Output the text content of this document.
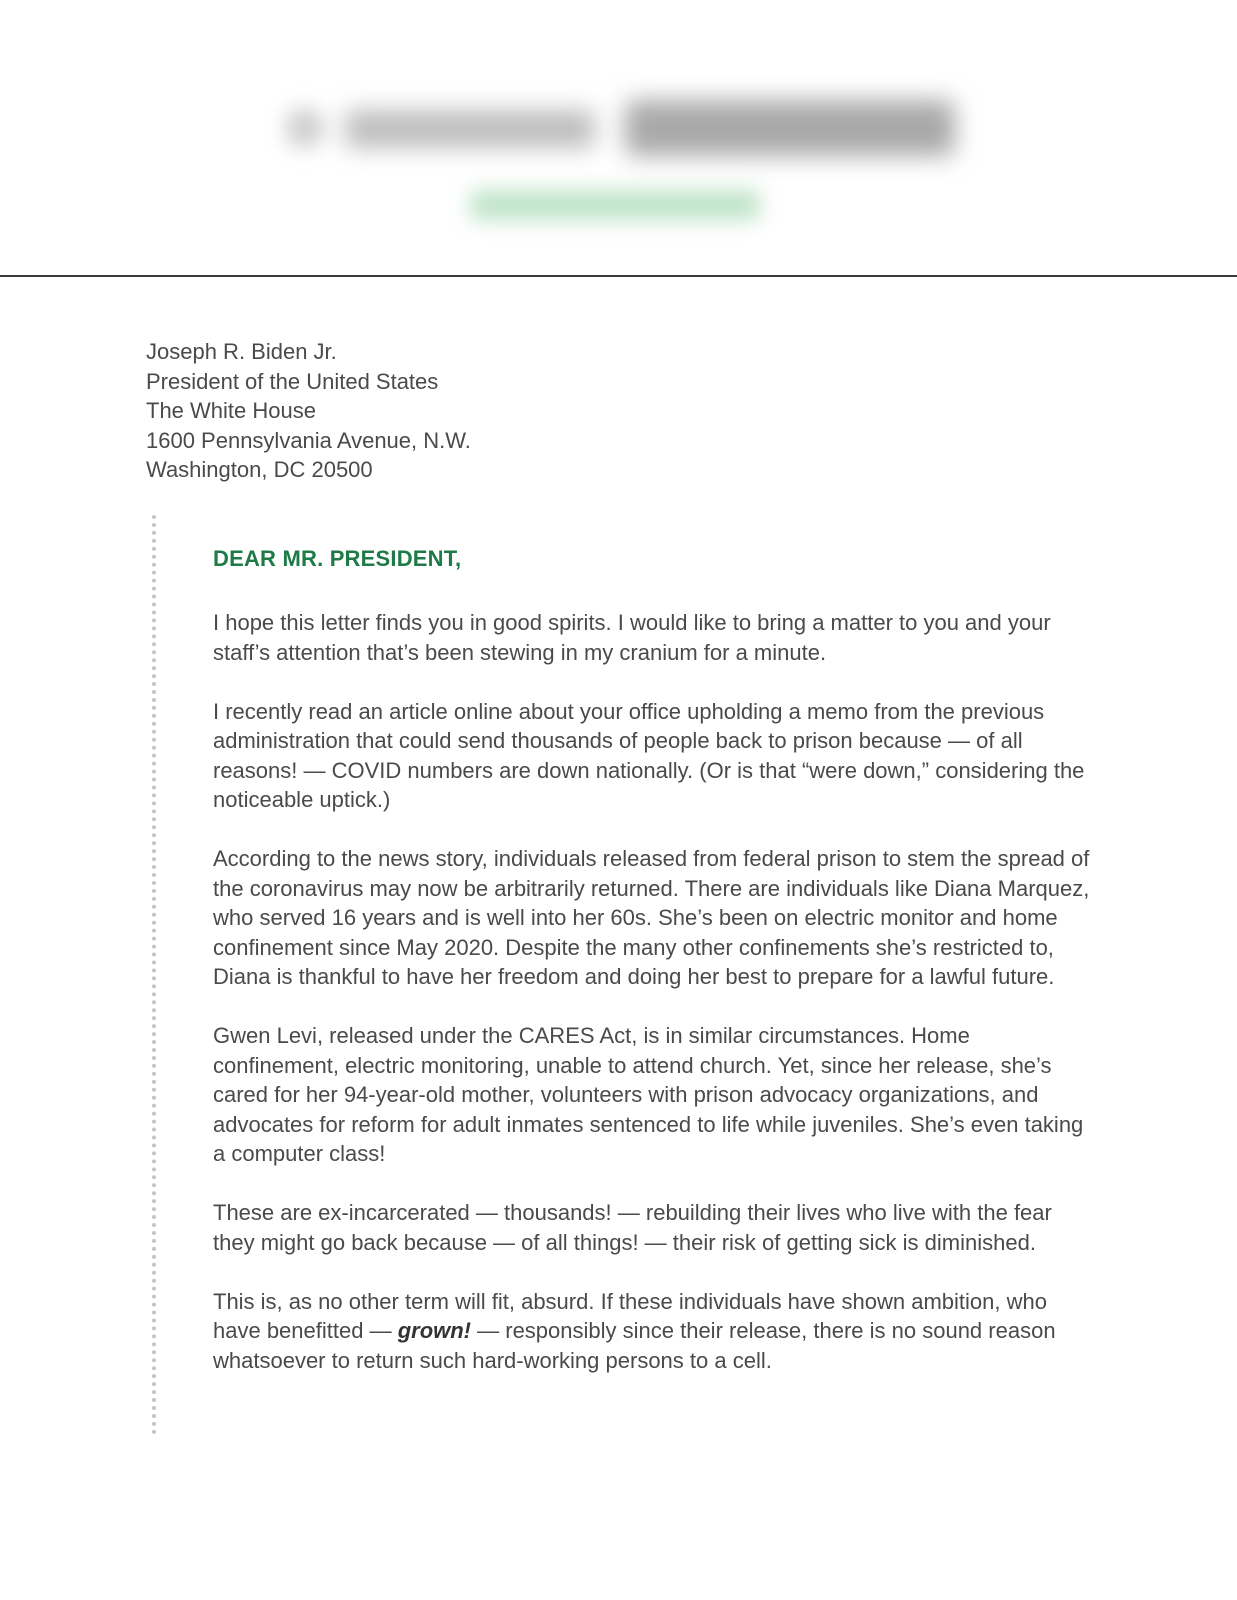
Joseph R. Biden Jr.
President of the United States
The White House
1600 Pennsylvania Avenue, N.W.
Washington, DC 20500
DEAR MR. PRESIDENT,

I hope this letter finds you in good spirits. I would like to bring a matter to you and your staff’s attention that’s been stewing in my cranium for a minute.

I recently read an article online about your office upholding a memo from the previous administration that could send thousands of people back to prison because — of all reasons! — COVID numbers are down nationally. (Or is that “were down,” considering the noticeable uptick.)

According to the news story, individuals released from federal prison to stem the spread of the coronavirus may now be arbitrarily returned. There are individuals like Diana Marquez, who served 16 years and is well into her 60s. She’s been on electric monitor and home confinement since May 2020. Despite the many other confinements she’s restricted to, Diana is thankful to have her freedom and doing her best to prepare for a lawful future.

Gwen Levi, released under the CARES Act, is in similar circumstances. Home confinement, electric monitoring, unable to attend church. Yet, since her release, she’s cared for her 94-year-old mother, volunteers with prison advocacy organizations, and advocates for reform for adult inmates sentenced to life while juveniles. She’s even taking a computer class!

These are ex-incarcerated — thousands! — rebuilding their lives who live with the fear they might go back because — of all things! — their risk of getting sick is diminished.

This is, as no other term will fit, absurd. If these individuals have shown ambition, who have benefitted — grown! — responsibly since their release, there is no sound reason whatsoever to return such hard-working persons to a cell.
